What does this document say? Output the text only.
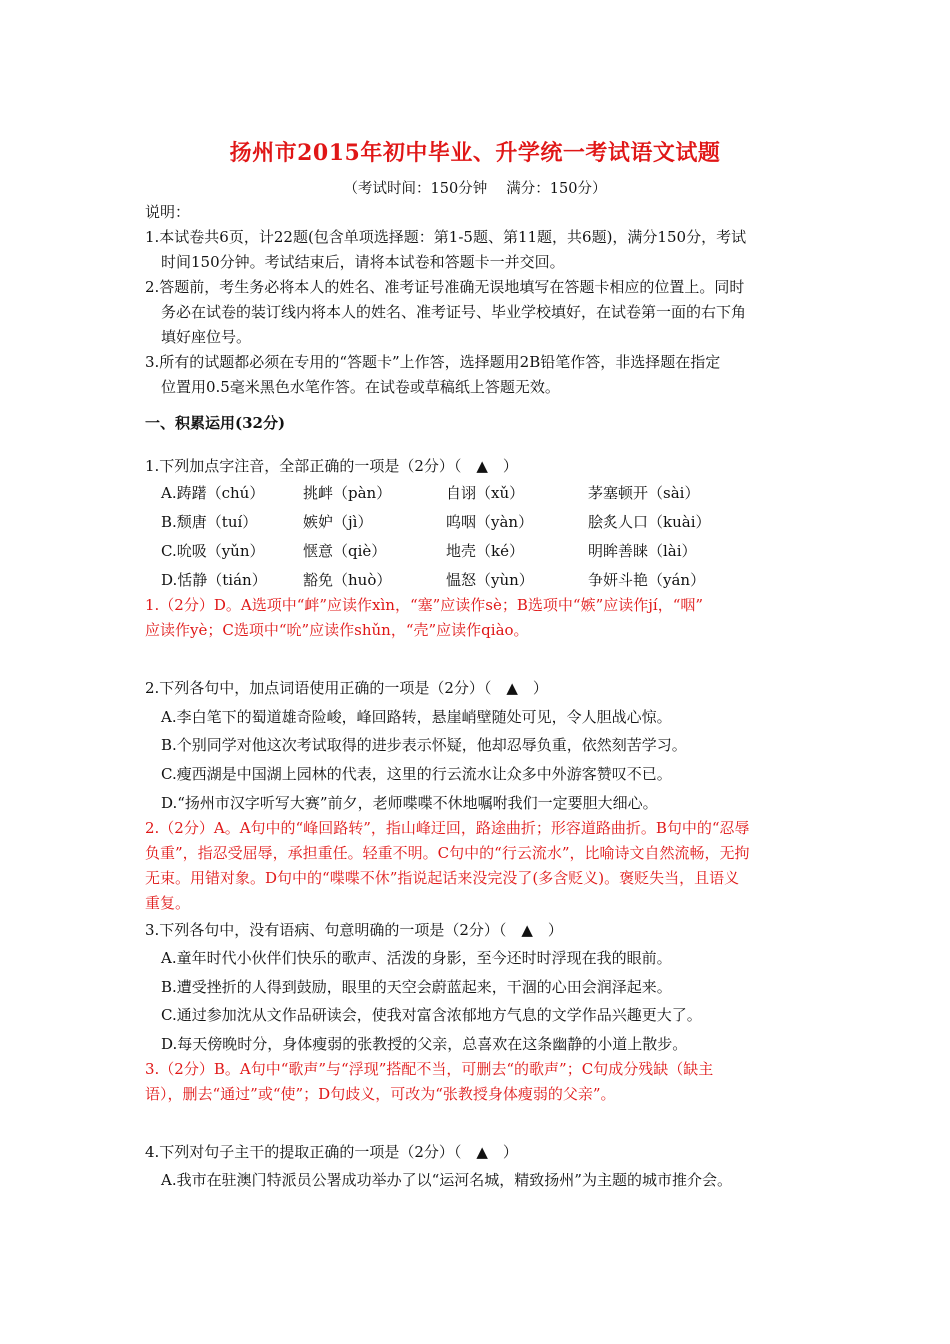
扬州市2015年初中毕业、升学统一考试语文试题
（考试时间：150分钟　 满分：150分）
说明：
1.本试卷共6页，计22题(包含单项选择题：第1-5题、第11题，共6题)，满分150分，考试
时间150分钟。考试结束后，请将本试卷和答题卡一并交回。
2.答题前，考生务必将本人的姓名、准考证号准确无误地填写在答题卡相应的位置上。同时
务必在试卷的装订线内将本人的姓名、准考证号、毕业学校填好，在试卷第一面的右下角
填好座位号。
3.所有的试题都必须在专用的“答题卡”上作答，选择题用2B铅笔作答，非选择题在指定
位置用0.5毫米黑色水笔作答。在试卷或草稿纸上答题无效。
一、积累运用(32分)
1.下列加点字注音，全部正确的一项是（2分）（　▲　）
A.踌躇（chú）	挑衅（pàn）	自诩（xǔ）	茅塞顿开（sài）
B.颓唐（tuí）	嫉妒（jì）	呜咽（yàn）	脍炙人口（kuài）
C.吮吸（yǔn）	惬意（qiè）	地壳（ké）	明眸善睐（lài）
D.恬静（tián） 豁免（huò）	愠怒（yùn）	争妍斗艳（yán）
1.（2分）D。A选项中“衅”应读作xìn，“塞”应读作sè；B选项中“嫉”应读作jí，“咽”
应读作yè；C选项中“吮”应读作shǔn，“壳”应读作qiào。
2.下列各句中，加点词语使用正确的一项是（2分）（　▲　）
A.李白笔下的蜀道雄奇险峻，峰回路转，悬崖峭壁随处可见，令人胆战心惊。
B.个别同学对他这次考试取得的进步表示怀疑，他却忍辱负重，依然刻苦学习。
C.瘦西湖是中国湖上园林的代表，这里的行云流水让众多中外游客赞叹不已。
D.“扬州市汉字听写大赛”前夕，老师喋喋不休地嘱咐我们一定要胆大细心。
2.（2分）A。A句中的“峰回路转”，指山峰迂回，路途曲折；形容道路曲折。B句中的“忍辱
负重”，指忍受屈辱，承担重任。轻重不明。C句中的“行云流水”，比喻诗文自然流畅，无拘
无束。用错对象。D句中的“喋喋不休”指说起话来没完没了(多含贬义)。褒贬失当，且语义
重复。
3.下列各句中，没有语病、句意明确的一项是（2分）（　▲　）
A.童年时代小伙伴们快乐的歌声、活泼的身影，至今还时时浮现在我的眼前。
B.遭受挫折的人得到鼓励，眼里的天空会蔚蓝起来，干涸的心田会润泽起来。
C.通过参加沈从文作品研读会，使我对富含浓郁地方气息的文学作品兴趣更大了。
D.每天傍晚时分，身体瘦弱的张教授的父亲，总喜欢在这条幽静的小道上散步。
3.（2分）B。A句中“歌声”与“浮现”搭配不当，可删去“的歌声”；C句成分残缺（缺主
语），删去“通过”或“使”；D句歧义，可改为“张教授身体瘦弱的父亲”。
4.下列对句子主干的提取正确的一项是（2分）（　▲　）
A.我市在驻澳门特派员公署成功举办了以“运河名城，精致扬州”为主题的城市推介会。
